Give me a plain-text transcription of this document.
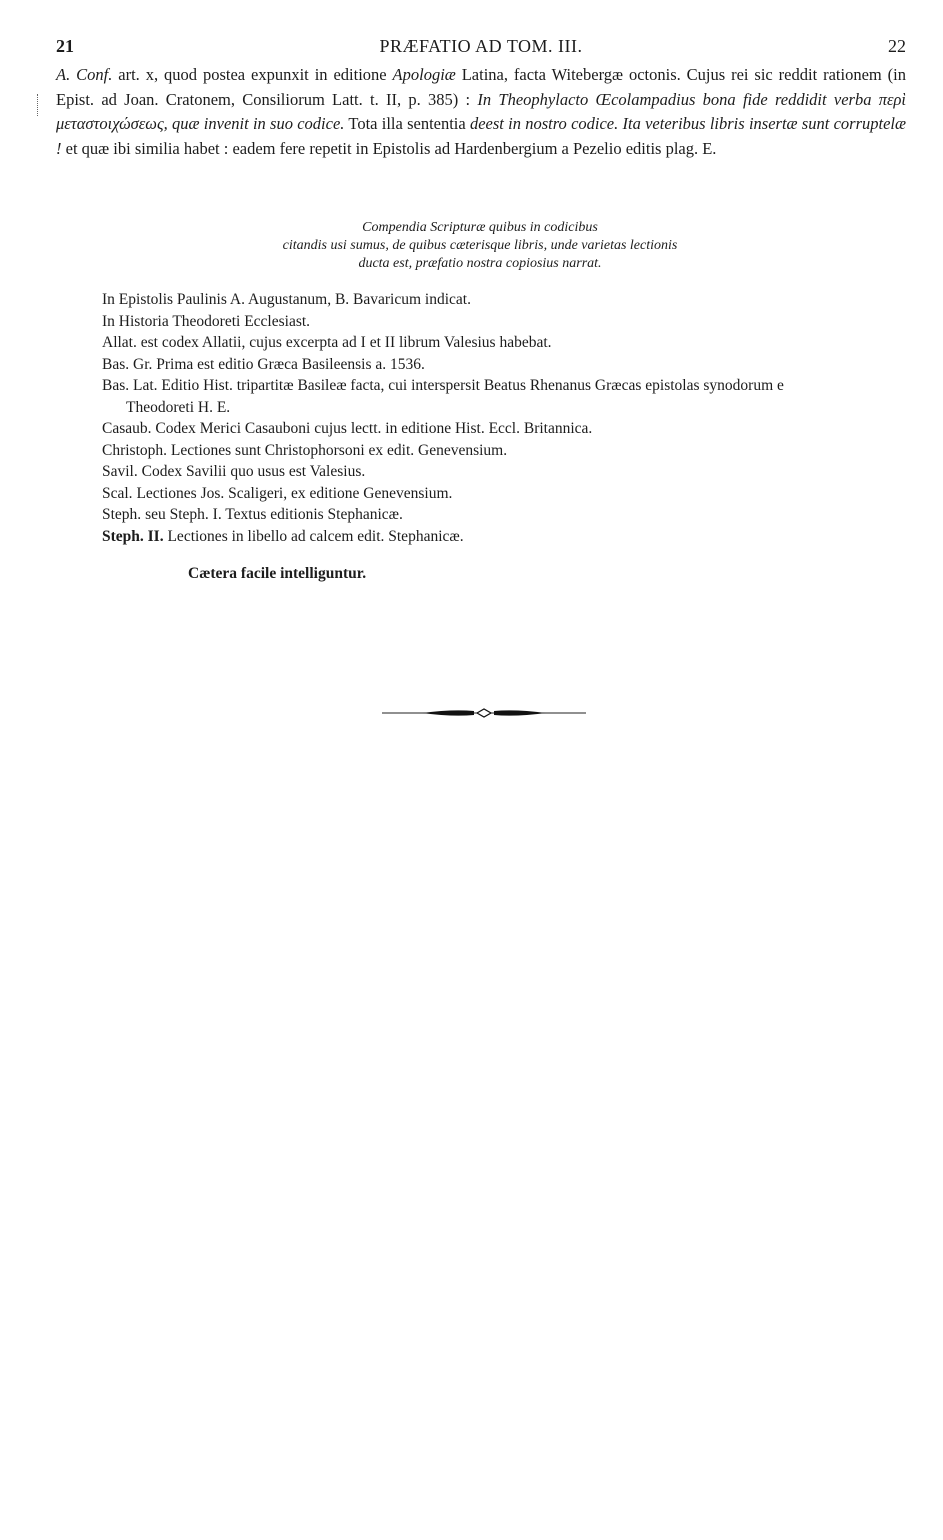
21	PRÆFATIO AD TOM. III.	22
A. Conf. art. x, quod postea expunxit in editione Apologiæ Latina, facta Witebergæ octonis. Cujus rei sic reddit rationem (in Epist. ad Joan. Cratonem, Consiliorum Latt. t. II, p. 385) : In Theophylacto Œcolampadius bona fide reddidit verba περὶ μεταστοιχώσεως, quæ invenit in suo codice. Tota illa sententia deest in nostro codice. Ita veteribus libris insertæ sunt corruptelæ ! et quæ ibi similia habet : eadem fere repetit in Epistolis ad Hardenbergium a Pezelio editis plag. E.
Compendia Scripturæ quibus in codicibus
citandis usi sumus, de quibus cæterisque libris, unde varietas lectionis
ducta est, præfatio nostra copiosius narrat.
In Epistolis Paulinis A. Augustanum, B. Bavaricum indicat.
In Historia Theodoreti Ecclesiast.
Allat. est codex Allatii, cujus excerpta ad I et II librum Valesius habebat.
Bas. Gr. Prima est editio Græca Basileensis a. 1536.
Bas. Lat. Editio Hist. tripartitæ Basileæ facta, cui interspersit Beatus Rhenanus Græcas epistolas synodorum e Theodoreti H. E.
Casaub. Codex Merici Casauboni cujus lectt. in editione Hist. Eccl. Britannica.
Christoph. Lectiones sunt Christophorsoni ex edit. Genevensium.
Savil. Codex Savilii quo usus est Valesius.
Scal. Lectiones Jos. Scaligeri, ex editione Genevensium.
Steph. seu Steph. I. Textus editionis Stephanicæ.
Steph. II. Lectiones in libello ad calcem edit. Stephanicæ.
Cætera facile intelliguntur.
